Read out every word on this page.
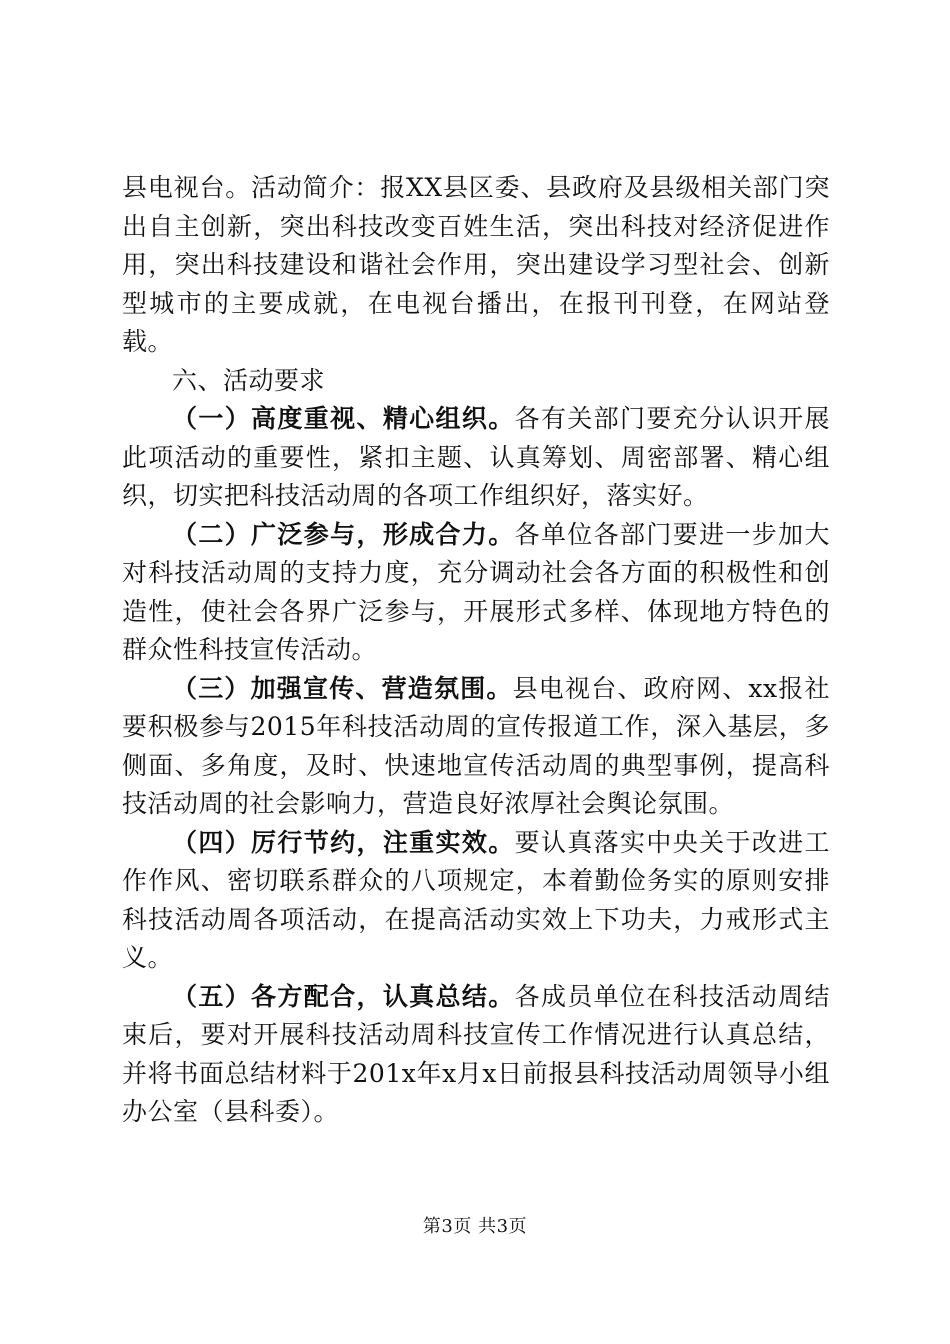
县电视台。活动简介：报XX县区委、县政府及县级相关部门突出自主创新，突出科技改变百姓生活，突出科技对经济促进作用，突出科技建设和谐社会作用，突出建设学习型社会、创新型城市的主要成就，在电视台播出，在报刊刊登，在网站登载。

六、活动要求

（一）高度重视、精心组织。各有关部门要充分认识开展此项活动的重要性，紧扣主题、认真筹划、周密部署、精心组织，切实把科技活动周的各项工作组织好，落实好。

（二）广泛参与，形成合力。各单位各部门要进一步加大对科技活动周的支持力度，充分调动社会各方面的积极性和创造性，使社会各界广泛参与，开展形式多样、体现地方特色的群众性科技宣传活动。

（三）加强宣传、营造氛围。县电视台、政府网、xx报社要积极参与2015年科技活动周的宣传报道工作，深入基层，多侧面、多角度，及时、快速地宣传活动周的典型事例，提高科技活动周的社会影响力，营造良好浓厚社会舆论氛围。

（四）厉行节约，注重实效。要认真落实中央关于改进工作作风、密切联系群众的八项规定，本着勤俭务实的原则安排科技活动周各项活动，在提高活动实效上下功夫，力戒形式主义。

（五）各方配合，认真总结。各成员单位在科技活动周结束后，要对开展科技活动周科技宣传工作情况进行认真总结，并将书面总结材料于201x年x月x日前报县科技活动周领导小组办公室（县科委）。

第3页 共3页
